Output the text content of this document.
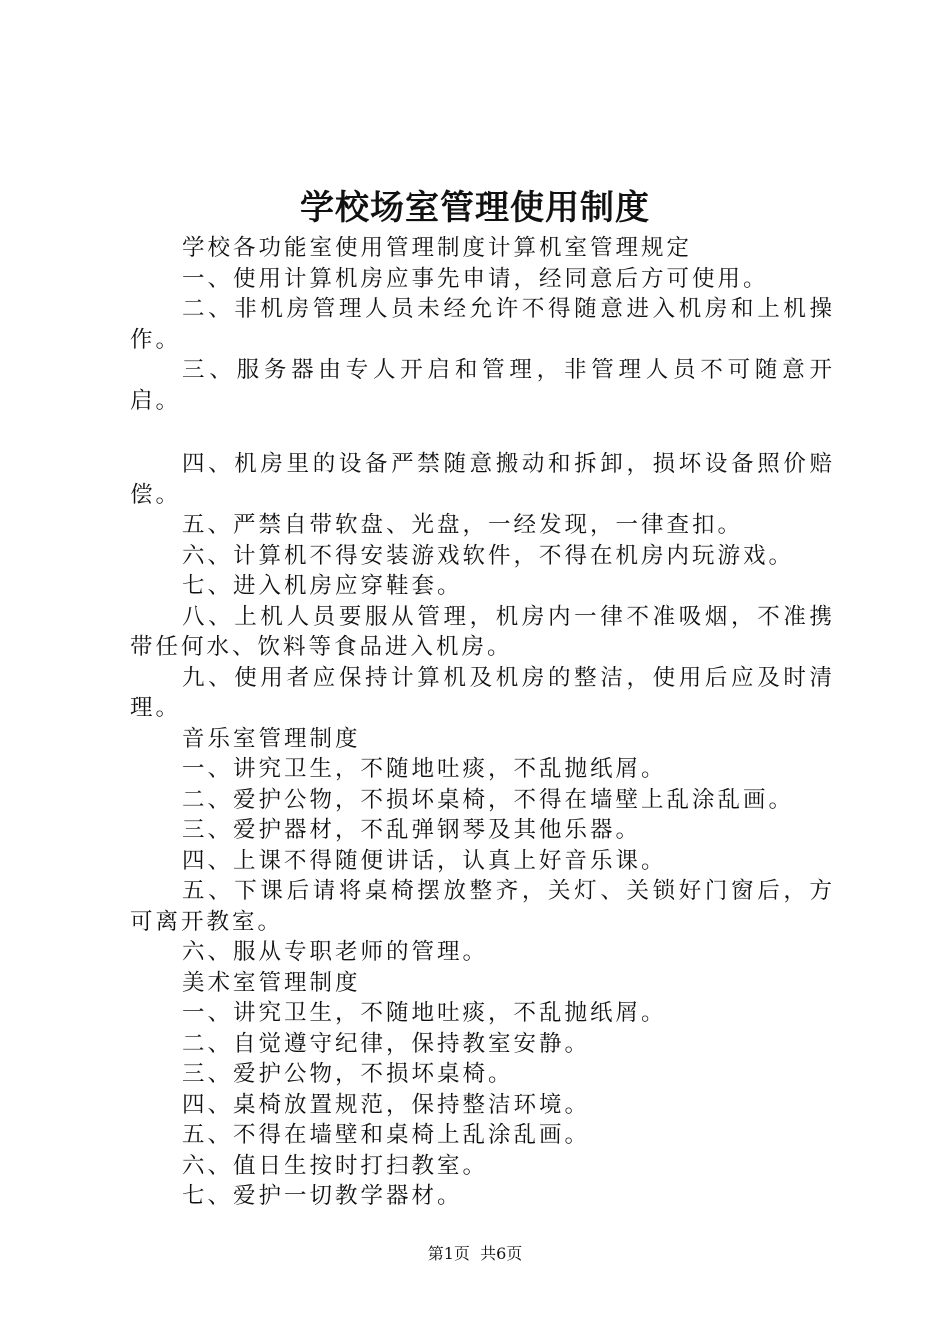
学校场室管理使用制度

学校各功能室使用管理制度计算机室管理规定

一、使用计算机房应事先申请，经同意后方可使用。

二、非机房管理人员未经允许不得随意进入机房和上机操作。

三、服务器由专人开启和管理，非管理人员不可随意开启。

四、机房里的设备严禁随意搬动和拆卸，损坏设备照价赔偿。

五、严禁自带软盘、光盘，一经发现，一律查扣。

六、计算机不得安装游戏软件，不得在机房内玩游戏。

七、进入机房应穿鞋套。

八、上机人员要服从管理，机房内一律不准吸烟，不准携带任何水、饮料等食品进入机房。

九、使用者应保持计算机及机房的整洁，使用后应及时清理。

音乐室管理制度

一、讲究卫生，不随地吐痰，不乱抛纸屑。

二、爱护公物，不损坏桌椅，不得在墙壁上乱涂乱画。

三、爱护器材，不乱弹钢琴及其他乐器。

四、上课不得随便讲话，认真上好音乐课。

五、下课后请将桌椅摆放整齐，关灯、关锁好门窗后，方可离开教室。

六、服从专职老师的管理。

美术室管理制度

一、讲究卫生，不随地吐痰，不乱抛纸屑。

二、自觉遵守纪律，保持教室安静。

三、爱护公物，不损坏桌椅。

四、桌椅放置规范，保持整洁环境。

五、不得在墙壁和桌椅上乱涂乱画。

六、值日生按时打扫教室。

七、爱护一切教学器材。

第1页  共6页
